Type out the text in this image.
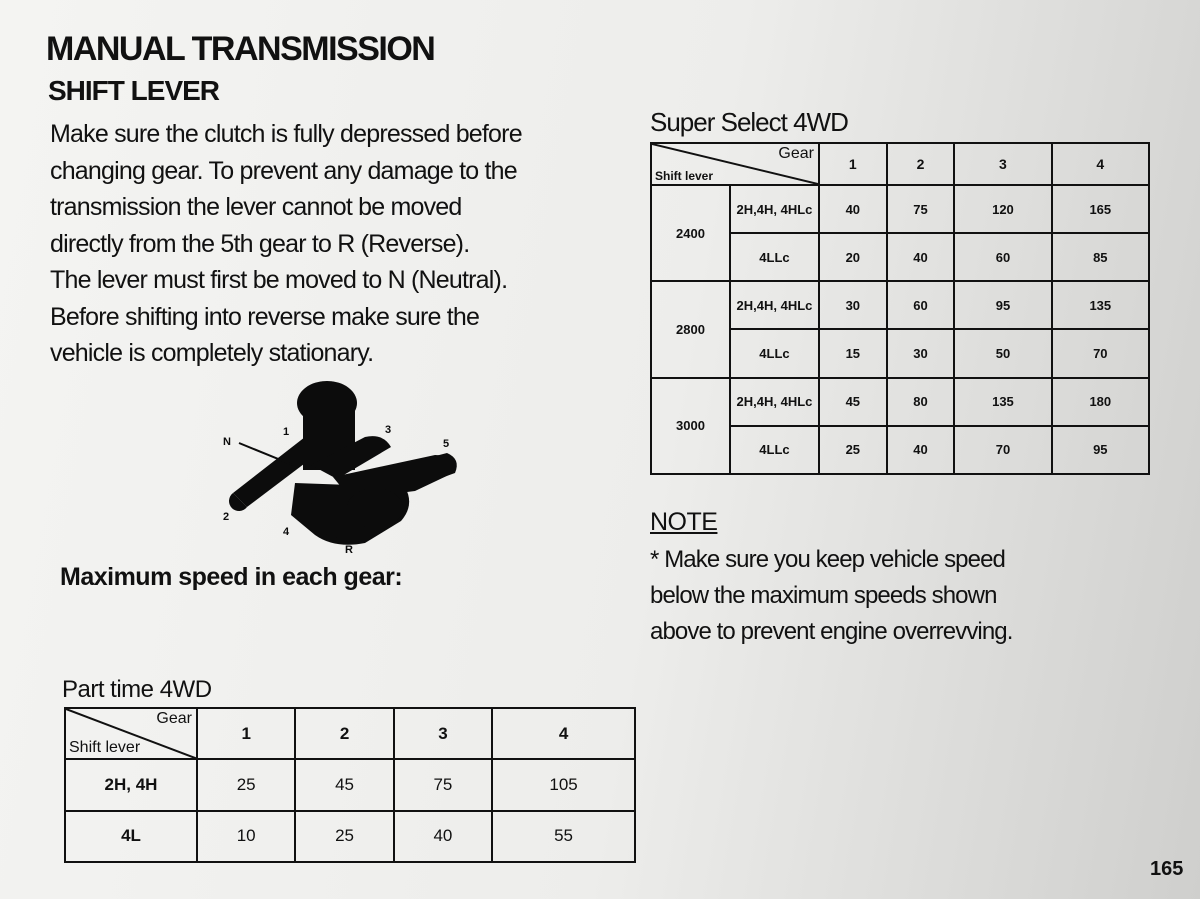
MANUAL TRANSMISSION
SHIFT LEVER

Make sure the clutch is fully depressed before
changing gear. To prevent any damage to the
transmission the lever cannot be moved
directly from the 5th gear to R (Reverse).
The lever must first be moved to N (Neutral).
Before shifting into reverse make sure the
vehicle is completely stationary.

N
1
2
3
4
5
R
Maximum speed in each gear:

Part time 4WD

Gear
Shift lever	1	2	3	4
2H, 4H	25	45	75	105
4L	10	25	40	55

Super Select 4WD

Gear
Shift lever		1	2	3	4
2400	2H,4H, 4HLc	40	75	120	165
	4LLc	20	40	60	85
2800	2H,4H, 4HLc	30	60	95	135
	4LLc	15	30	50	70
3000	2H,4H, 4HLc	45	80	135	180
	4LLc	25	40	70	95

NOTE

* Make sure you keep vehicle speed
below the maximum speeds shown
above to prevent engine overrevving.

165
